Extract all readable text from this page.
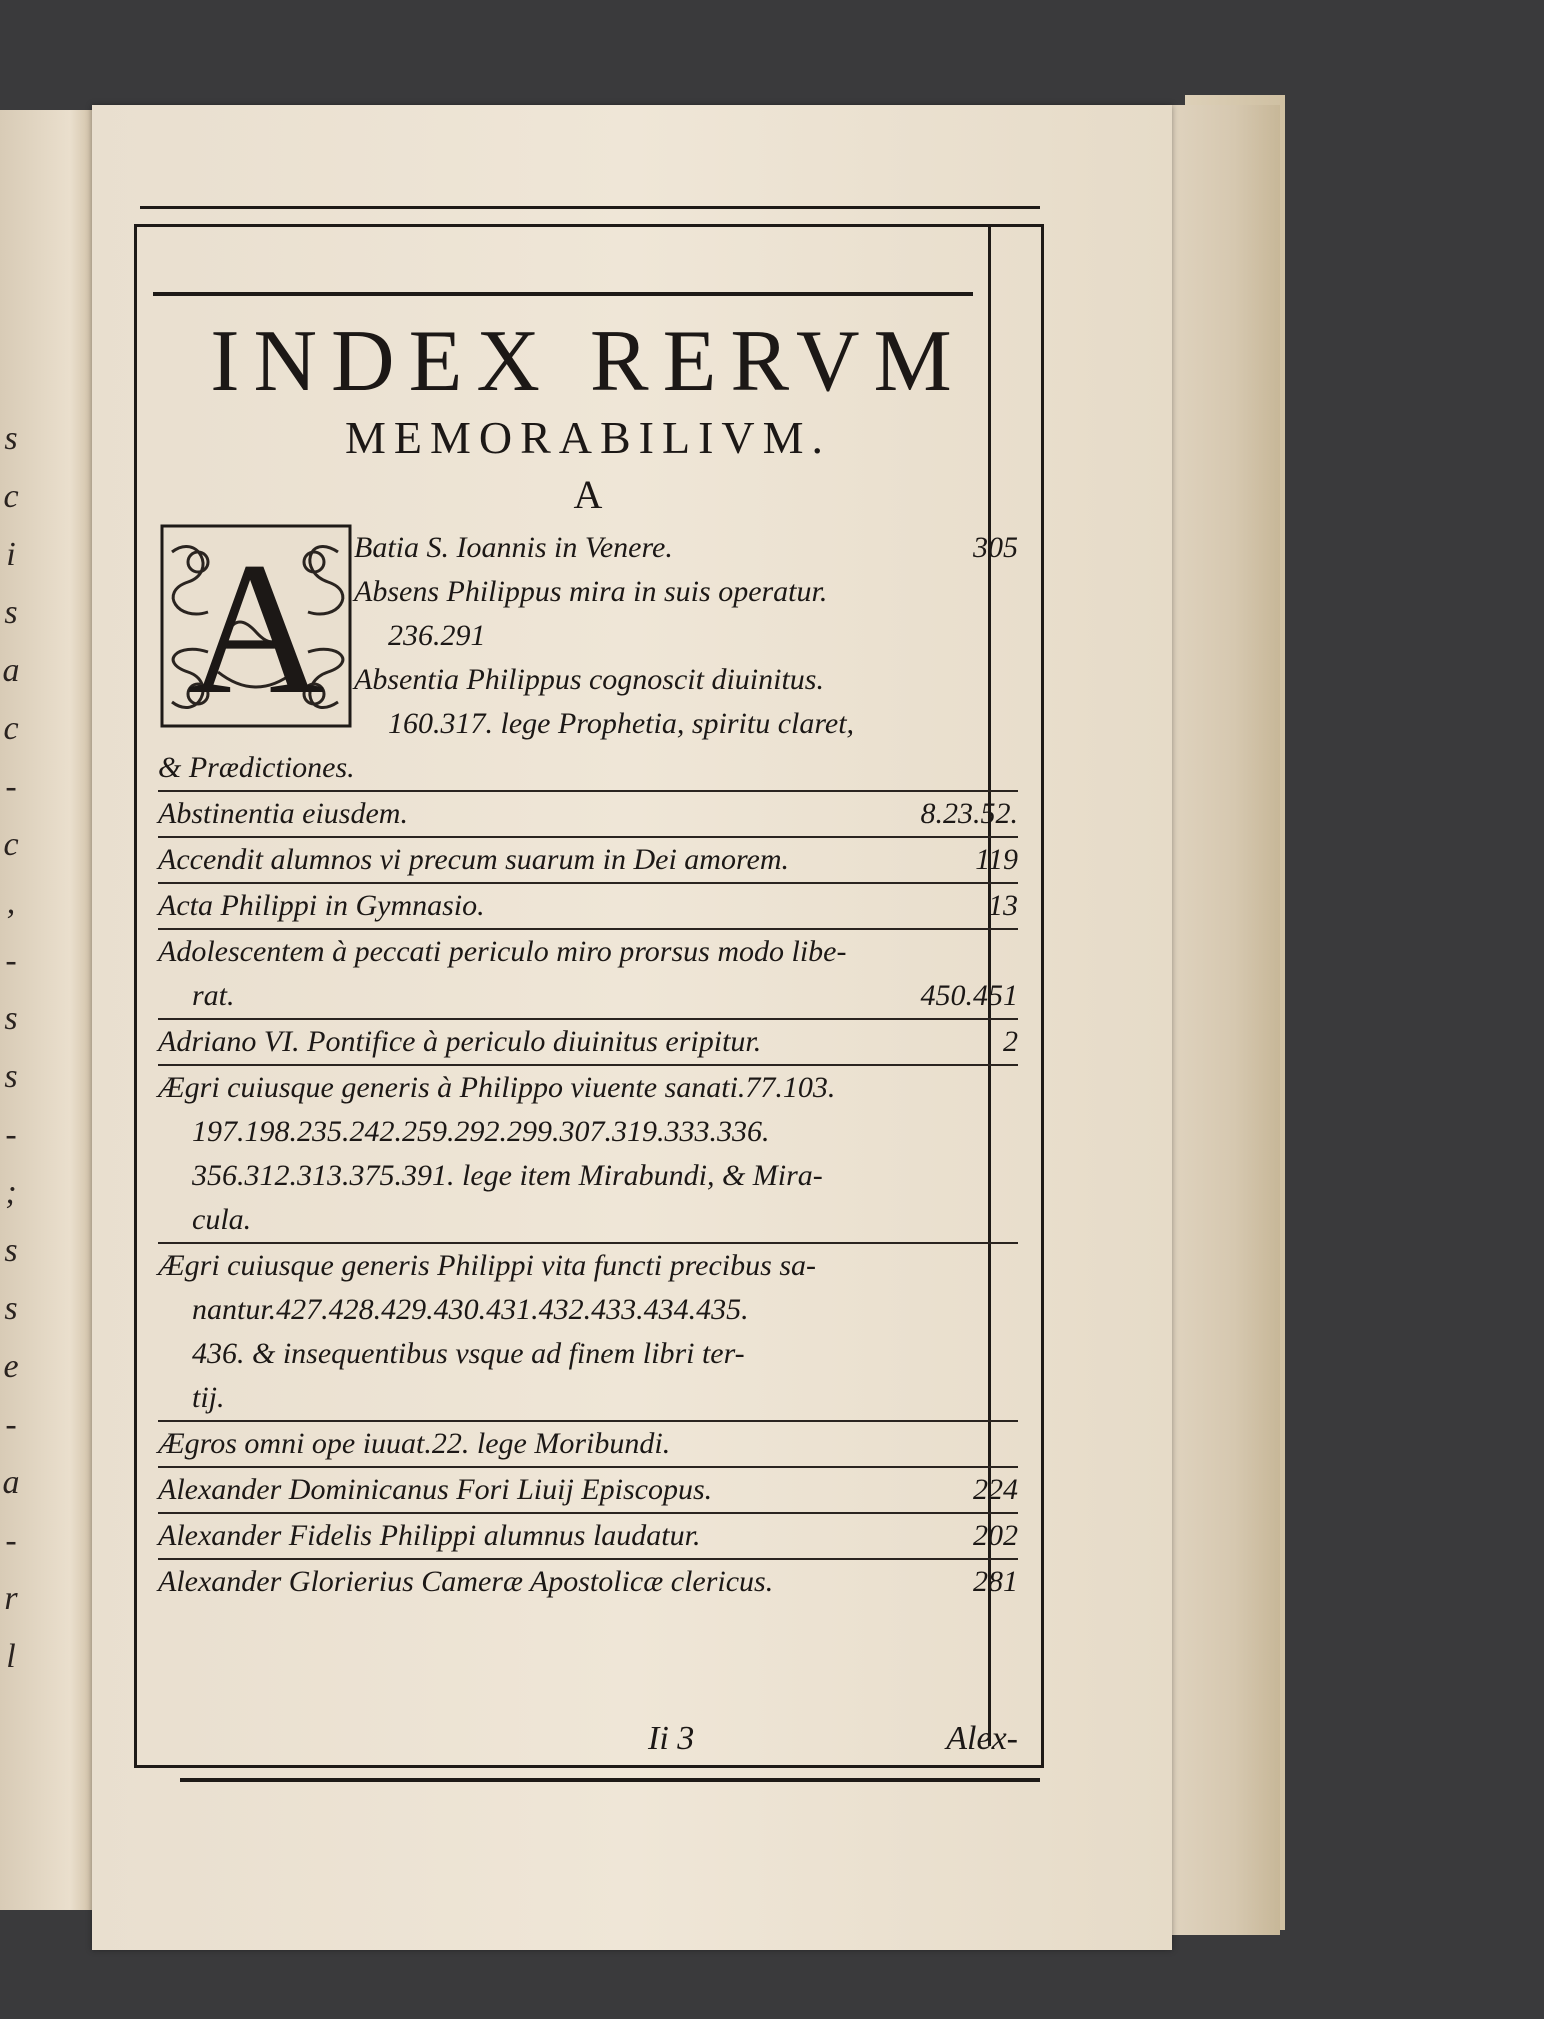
s
c
i
s
a
c
-
c
,
-
s
s
-
;
s
s
e
-
a
-
r
l
INDEX RERVM
MEMORABILIVM.
A
A Batia S. Ioannis in Venere.	305
Absens Philippus mira in suis operatur.
236.291
Absentia Philippus cognoscit diuinitus.
160.317. lege Prophetia, spiritu claret,
& Prædictiones.
Abstinentia eiusdem.	8.23.52.
Accendit alumnos vi precum suarum in Dei amorem.	119
Acta Philippi in Gymnasio.	13
Adolescentem à peccati periculo miro prorsus modo libe-
rat.	450.451
Adriano VI. Pontifice à periculo diuinitus eripitur.	2
Ægri cuiusque generis à Philippo viuente sanati.77.103.
197.198.235.242.259.292.299.307.319.333.336.
356.312.313.375.391. lege item Mirabundi, & Mira-
cula.
Ægri cuiusque generis Philippi vita functi precibus sa-
nantur.427.428.429.430.431.432.433.434.435.
436. & insequentibus vsque ad finem libri ter-
tij.
Ægros omni ope iuuat.22. lege Moribundi.
Alexander Dominicanus Fori Liuij Episcopus.	224
Alexander Fidelis Philippi alumnus laudatur.	202
Alexander Glorierius Cameræ Apostolicæ clericus.	281
Ii 3	Alex-
